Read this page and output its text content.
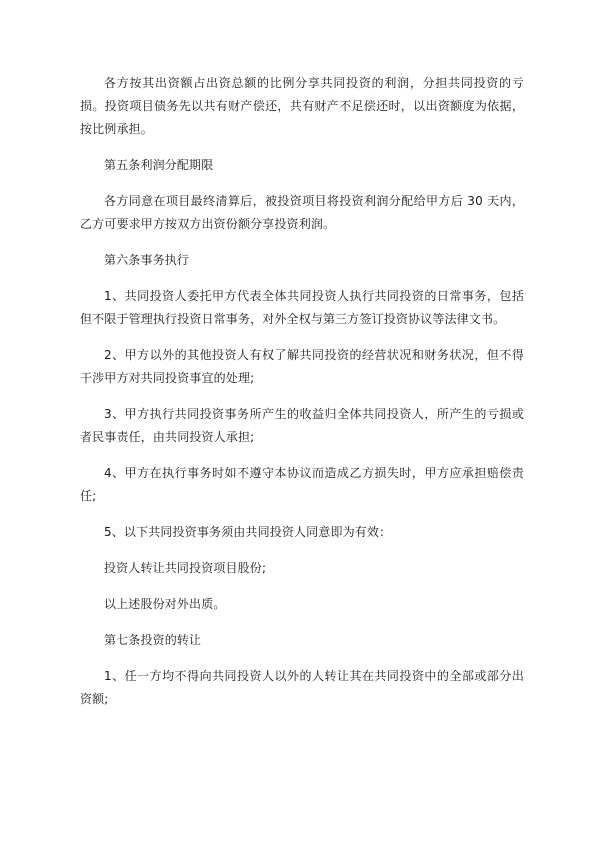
各方按其出资额占出资总额的比例分享共同投资的利润，分担共同投资的亏损。投资项目债务先以共有财产偿还，共有财产不足偿还时，以出资额度为依据，按比例承担。

第五条利润分配期限

各方同意在项目最终清算后，被投资项目将投资利润分配给甲方后 30 天内，乙方可要求甲方按双方出资份额分享投资利润。

第六条事务执行

1、共同投资人委托甲方代表全体共同投资人执行共同投资的日常事务，包括但不限于管理执行投资日常事务，对外全权与第三方签订投资协议等法律文书。

2、甲方以外的其他投资人有权了解共同投资的经营状况和财务状况，但不得干涉甲方对共同投资事宜的处理;

3、甲方执行共同投资事务所产生的收益归全体共同投资人，所产生的亏损或者民事责任，由共同投资人承担;

4、甲方在执行事务时如不遵守本协议而造成乙方损失时，甲方应承担赔偿责任;

5、以下共同投资事务须由共同投资人同意即为有效：

投资人转让共同投资项目股份;

以上述股份对外出质。

第七条投资的转让

1、任一方均不得向共同投资人以外的人转让其在共同投资中的全部或部分出资额;
